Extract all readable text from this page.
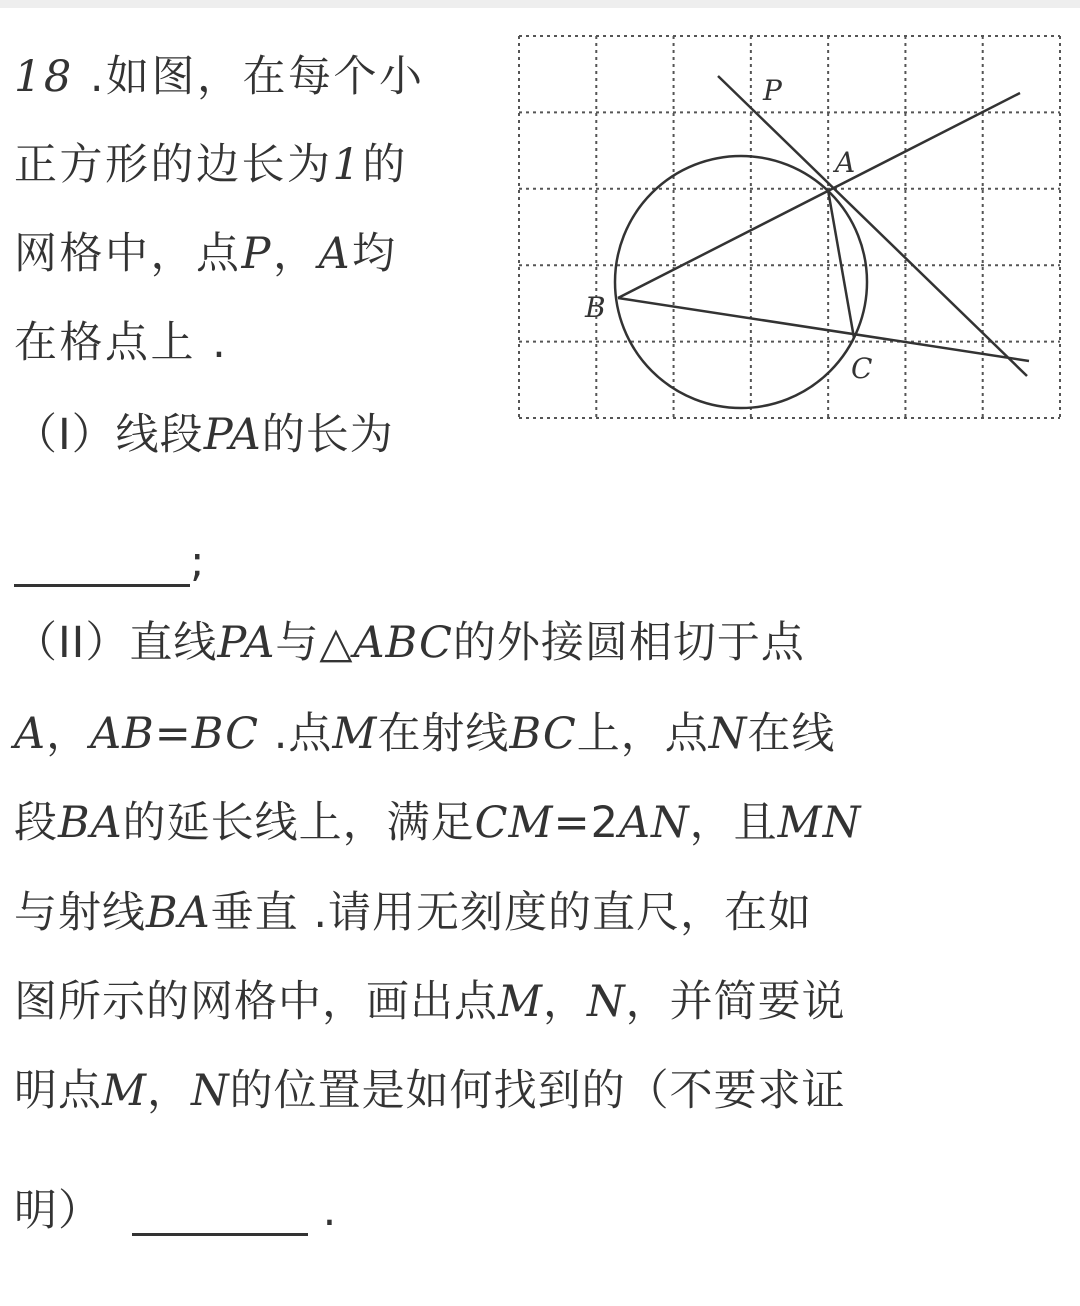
18 .如图，在每个小

正方形的边长为1的

网格中，点P，A均

在格点上 .

（I）线段PA的长为

;

（II）直线PA与△ABC的外接圆相切于点

A，AB=BC .点M在射线BC上，点N在线

段BA的延长线上，满足CM=2AN，且MN

与射线BA垂直 .请用无刻度的直尺，在如

图所示的网格中，画出点M，N，并简要说

明点M，N的位置是如何找到的（不要求证

明）	.

P
A
B
C
